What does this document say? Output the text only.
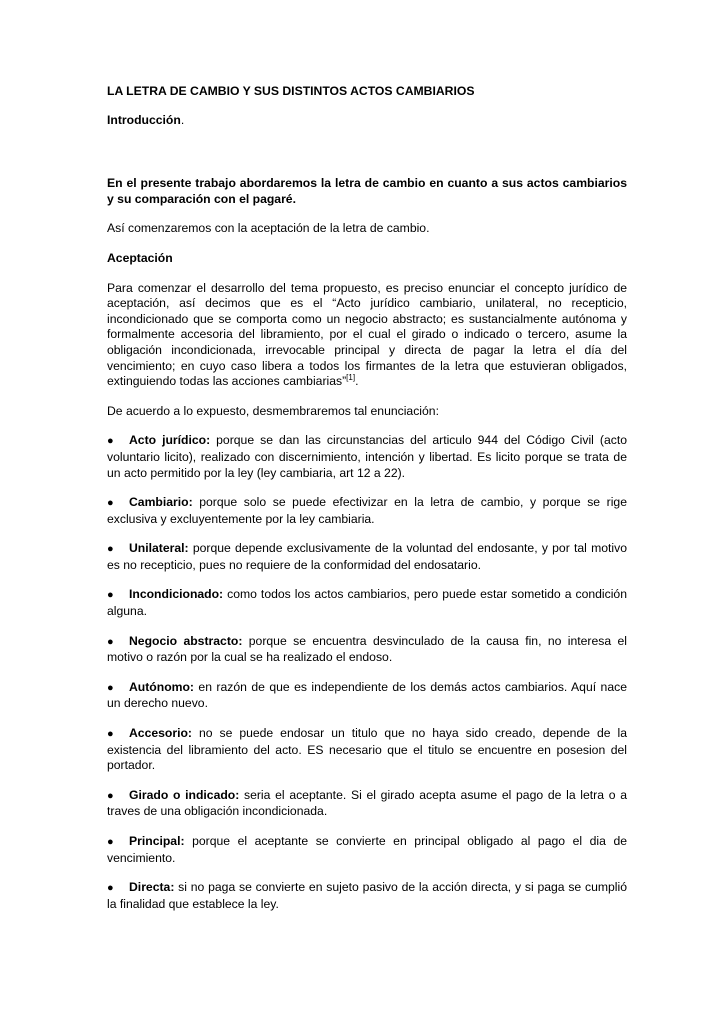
LA LETRA DE CAMBIO Y SUS DISTINTOS ACTOS CAMBIARIOS

Introducción.

En el presente trabajo abordaremos la letra de cambio en cuanto a sus actos cambiarios y su comparación con el pagaré.

Así comenzaremos con la aceptación de la letra de cambio.

Aceptación

Para comenzar el desarrollo del tema propuesto, es preciso enunciar el concepto jurídico de aceptación, así decimos que es el “Acto jurídico cambiario, unilateral, no recepticio, incondicionado que se comporta como un negocio abstracto; es sustancialmente autónoma y formalmente accesoria del libramiento, por el cual el girado o indicado o tercero, asume la obligación incondicionada, irrevocable principal y directa de pagar la letra el día del vencimiento; en cuyo caso libera a todos los firmantes de la letra que estuvieran obligados, extinguiendo todas las acciones cambiarias”[1].

De acuerdo a lo expuesto, desmembraremos tal enunciación:

● Acto jurídico: porque se dan las circunstancias del articulo 944 del Código Civil (acto voluntario licito), realizado con discernimiento, intención y libertad. Es licito porque se trata de un acto permitido por la ley (ley cambiaria, art 12 a 22).

● Cambiario: porque solo se puede efectivizar en la letra de cambio, y porque se rige exclusiva y excluyentemente por la ley cambiaria.

● Unilateral: porque depende exclusivamente de la voluntad del endosante, y por tal motivo es no recepticio, pues no requiere de la conformidad del endosatario.

● Incondicionado: como todos los actos cambiarios, pero puede estar sometido a condición alguna.

● Negocio abstracto: porque se encuentra desvinculado de la causa fin, no interesa el motivo o razón por la cual se ha realizado el endoso.

● Autónomo: en razón de que es independiente de los demás actos cambiarios. Aquí nace un derecho nuevo.

● Accesorio: no se puede endosar un titulo que no haya sido creado, depende de la existencia del libramiento del acto. ES necesario que el titulo se encuentre en posesion del portador.

● Girado o indicado: seria el aceptante. Si el girado acepta asume el pago de la letra o a traves de una obligación incondicionada.

● Principal: porque el aceptante se convierte en principal obligado al pago el dia de vencimiento.

● Directa: si no paga se convierte en sujeto pasivo de la acción directa, y si paga se cumplió la finalidad que establece la ley.
